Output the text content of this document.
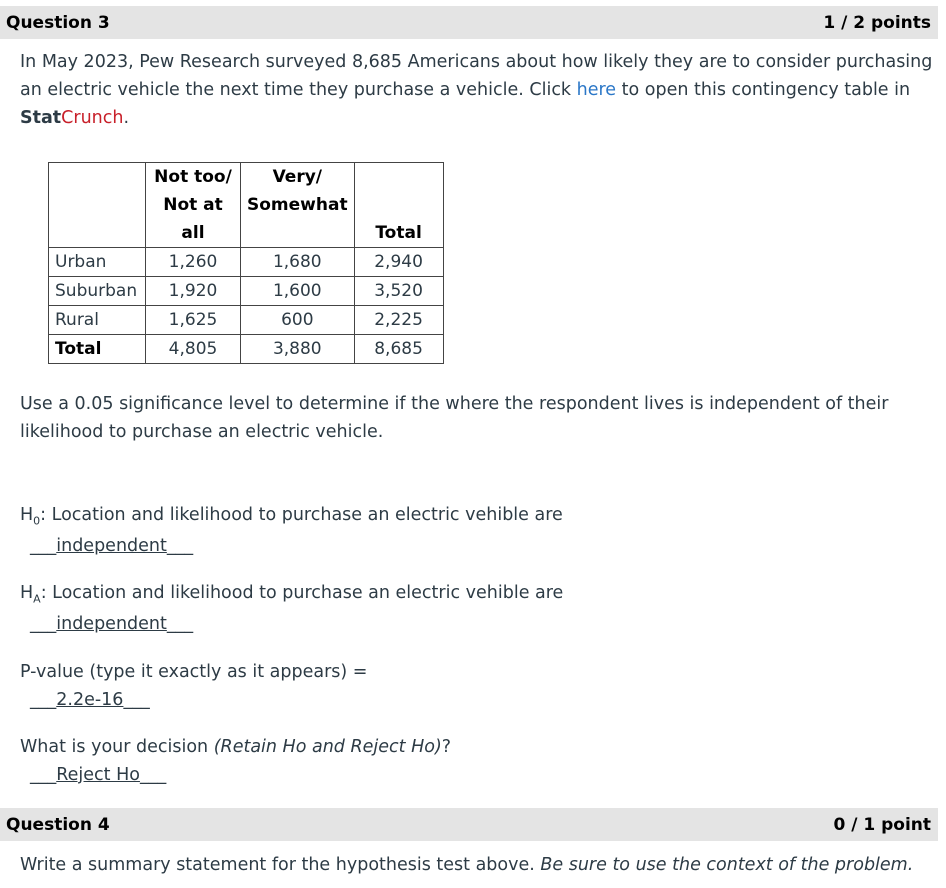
Question 3	1 / 2 points
In May 2023, Pew Research surveyed 8,685 Americans about how likely they are to consider purchasing an electric vehicle the next time they purchase a vehicle. Click here to open this contingency table in
StatCrunch.
	Not too/
Not at
all	Very/
Somewhat	Total
Urban	1,260	1,680	2,940
Suburban	1,920	1,600	3,520
Rural	1,625	600	2,225
Total	4,805	3,880	8,685
Use a 0.05 significance level to determine if the where the respondent lives is independent of their likelihood to purchase an electric vehicle.
$H_0$: Location and likelihood to purchase an electric vehible are
___independent___
$H_A$: Location and likelihood to purchase an electric vehible are
___independent___
P-value (type it exactly as it appears) =
___2.2e-16___
What is your decision (Retain Ho and Reject Ho)?
___Reject Ho___
Question 4	0 / 1 point
Write a summary statement for the hypothesis test above. Be sure to use the context of the problem.
